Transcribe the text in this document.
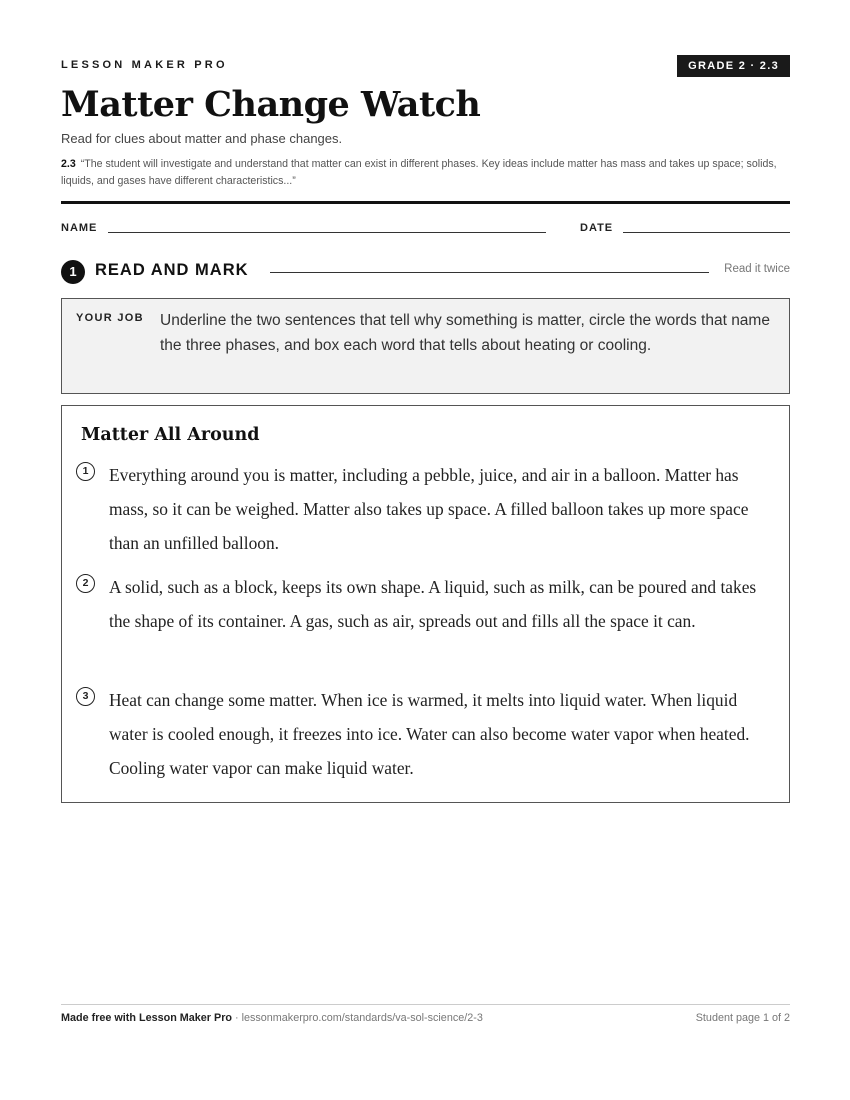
LESSON MAKER PRO	GRADE 2 · 2.3
Matter Change Watch
Read for clues about matter and phase changes.
2.3 “The student will investigate and understand that matter can exist in different phases. Key ideas include matter has mass and takes up space; solids, liquids, and gases have different characteristics...”
NAME	DATE
1	READ AND MARK	Read it twice
YOUR JOB Underline the two sentences that tell why something is matter, circle the words that name the three phases, and box each word that tells about heating or cooling.
Matter All Around
1	Everything around you is matter, including a pebble, juice, and air in a balloon. Matter has mass, so it can be weighed. Matter also takes up space. A filled balloon takes up more space than an unfilled balloon.
2	A solid, such as a block, keeps its own shape. A liquid, such as milk, can be poured and takes the shape of its container. A gas, such as air, spreads out and fills all the space it can.
3	Heat can change some matter. When ice is warmed, it melts into liquid water. When liquid water is cooled enough, it freezes into ice. Water can also become water vapor when heated. Cooling water vapor can make liquid water.
Made free with Lesson Maker Pro · lessonmakerpro.com/standards/va-sol-science/2-3	Student page 1 of 2
